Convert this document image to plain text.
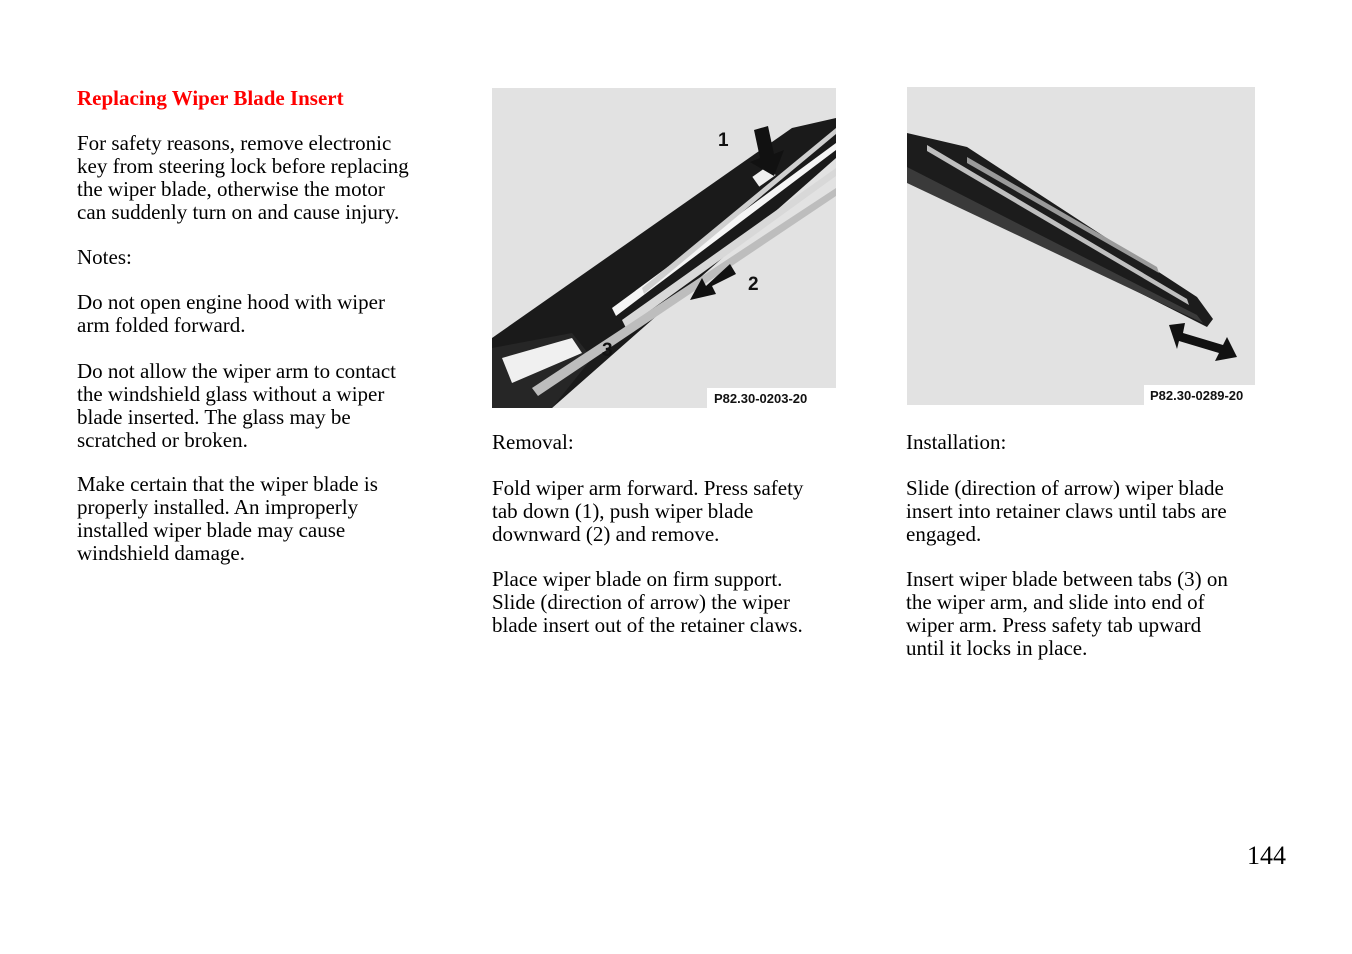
Replacing Wiper Blade Insert

For safety reasons, remove electronic
key from steering lock before replacing
the wiper blade, otherwise the motor
can suddenly turn on and cause injury.

Notes:

Do not open engine hood with wiper
arm folded forward.

Do not allow the wiper arm to contact
the windshield glass without a wiper
blade inserted. The glass may be
scratched or broken.

Make certain that the wiper blade is
properly installed. An improperly
installed wiper blade may cause
windshield damage.

1
2
3
P82.30-0203-20	P82.30-0289-20

Removal:

Fold wiper arm forward. Press safety
tab down (1), push wiper blade
downward (2) and remove.

Place wiper blade on firm support.
Slide (direction of arrow) the wiper
blade insert out of the retainer claws.

Installation:

Slide (direction of arrow) wiper blade
insert into retainer claws until tabs are
engaged.

Insert wiper blade between tabs (3) on
the wiper arm, and slide into end of
wiper arm. Press safety tab upward
until it locks in place.

144
